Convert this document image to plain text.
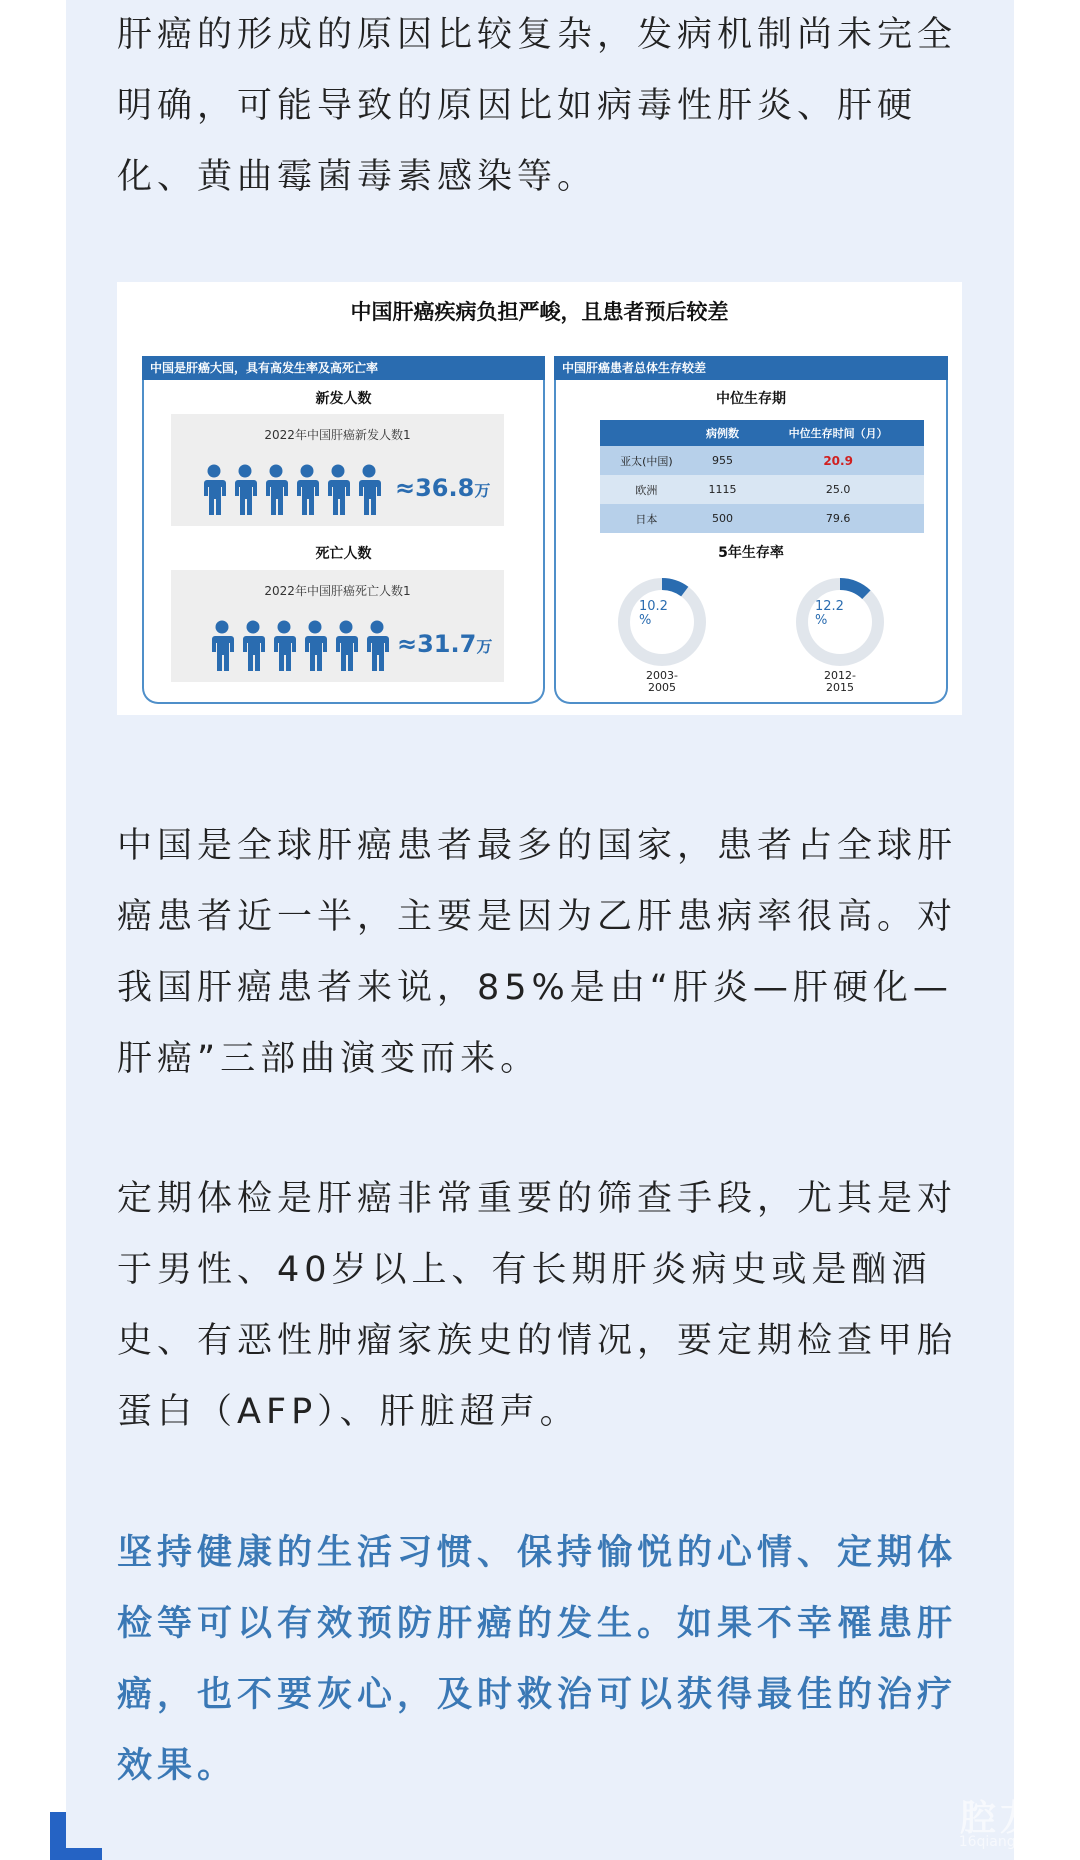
肝癌的形成的原因比较复杂，发病机制尚未完全明确，可能导致的原因比如病毒性肝炎、肝硬化、黄曲霉菌毒素感染等。

中国肝癌疾病负担严峻，且患者预后较差
中国是肝癌大国，具有高发生率及高死亡率
新发人数
2022年中国肝癌新发人数1
≈36.8万
死亡人数
2022年中国肝癌死亡人数1
≈31.7万
中国肝癌患者总体生存较差
中位生存期
	病例数	中位生存时间（月）
亚太(中国)	955	20.9
欧洲	1115	25.0
日本	500	79.6
5年生存率
10.2
%
2003-
2005
12.2
%
2012-
2015

中国是全球肝癌患者最多的国家，患者占全球肝癌患者近一半，主要是因为乙肝患病率很高。对我国肝癌患者来说，85%是由“肝炎—肝硬化—肝癌”三部曲演变而来。

定期体检是肝癌非常重要的筛查手段，尤其是对于男性、40岁以上、有长期肝炎病史或是酗酒史、有恶性肿瘤家族史的情况，要定期检查甲胎蛋白（AFP）、肝脏超声。

坚持健康的生活习惯、保持愉悦的心情、定期体检等可以有效预防肝癌的发生。如果不幸罹患肝癌，也不要灰心，及时救治可以获得最佳的治疗效果。

腔友
16qiang.com
